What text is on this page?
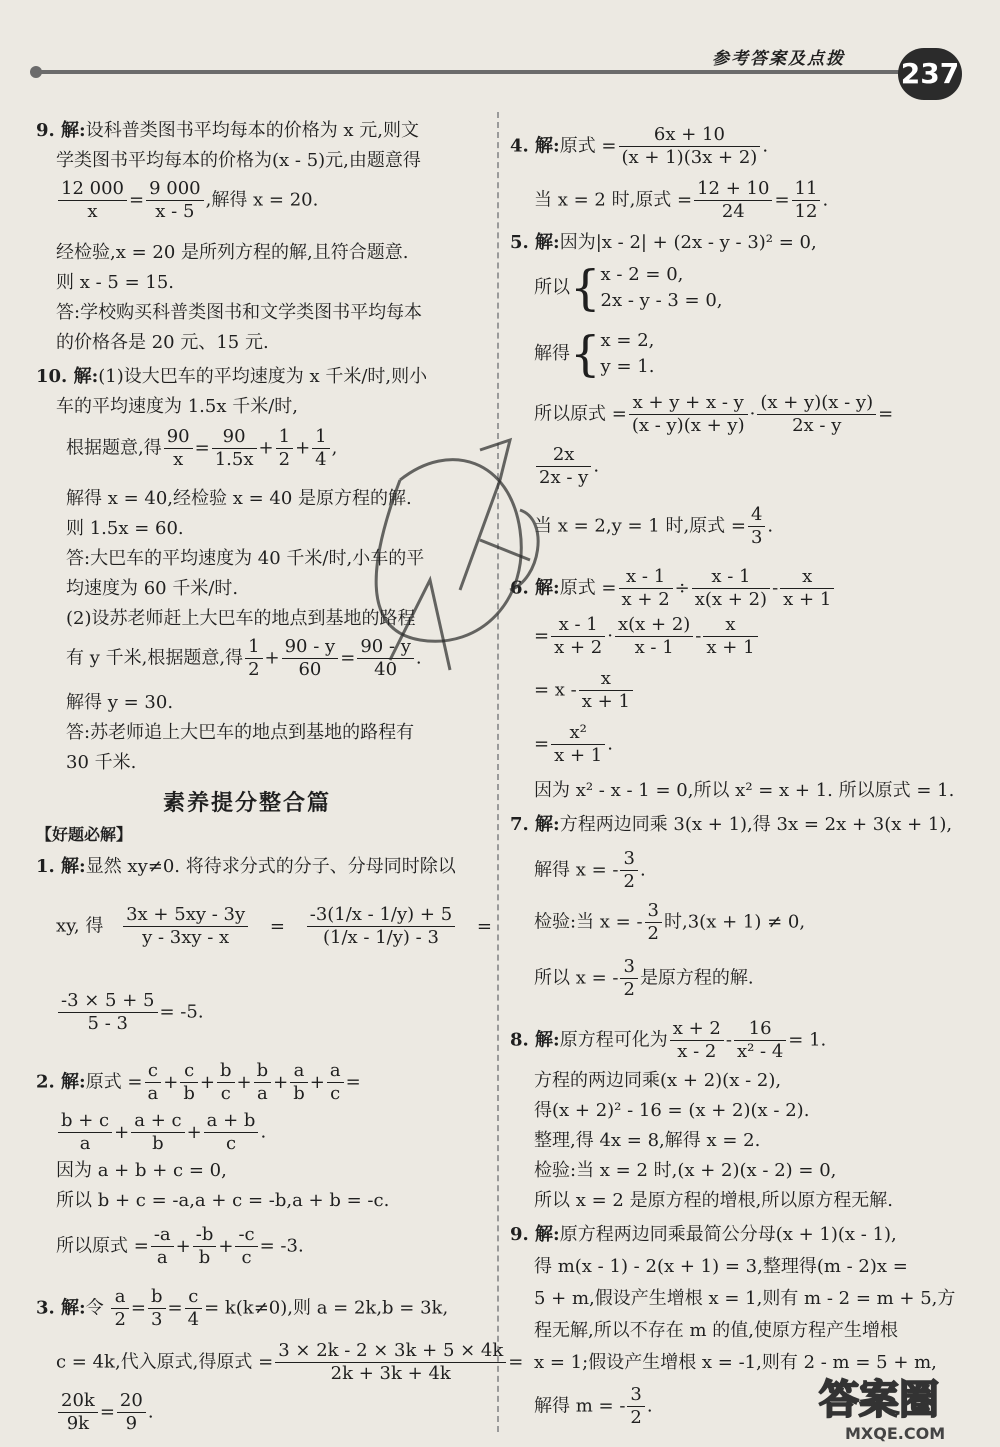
参考答案及点拨 237
9. 解:设科普类图书平均每本的价格为 x 元,则文
学类图书平均每本的价格为(x - 5)元,由题意得
$\frac{12 000}{x} = \frac{9 000}{x - 5}$ ,解得 x = 20.
经检验,x = 20 是所列方程的解,且符合题意.
则 x - 5 = 15.
答:学校购买科普类图书和文学类图书平均每本
的价格各是 20 元、15 元.
10. 解:(1)设大巴车的平均速度为 x 千米/时,则小
车的平均速度为 1.5x 千米/时,
根据题意,得 $\frac{90}{x} = \frac{90}{1.5x} + \frac{1}{2} + \frac{1}{4}$ ,
解得 x = 40,经检验 x = 40 是原方程的解.
则 1.5x = 60.
答:大巴车的平均速度为 40 千米/时,小车的平
均速度为 60 千米/时.
(2)设苏老师赶上大巴车的地点到基地的路程
有 y 千米,根据题意,得 $\frac{1}{2} + \frac{90 - y}{60} = \frac{90 - y}{40}$ .
解得 y = 30.
答:苏老师追上大巴车的地点到基地的路程有
30 千米.
素养提分整合篇
【好题必解】
1. 解:显然 xy≠0. 将待求分式的分子、分母同时除以
xy, 得 $\frac{3x + 5xy - 3y}{y - 3xy - x} = \frac{-3(1/x - 1/y) + 5}{(1/x - 1/y) - 3}$ =
$\frac{-3 \times 5 + 5}{5 - 3} = -5$.
2. 解:原式 = $\frac{c}{a} + \frac{c}{b} + \frac{b}{c} + \frac{b}{a} + \frac{a}{b} + \frac{a}{c}$ =
$\frac{b + c}{a} + \frac{a + c}{b} + \frac{a + b}{c}$ .
因为 a + b + c = 0,
所以 b + c = -a,a + c = -b,a + b = -c.
所以原式 = $\frac{-a}{a} + \frac{-b}{b} + \frac{-c}{c} = -3$.
3. 解:令 $\frac{a}{2} = \frac{b}{3} = \frac{c}{4} = k(k\ne 0)$,则 a = 2k,b = 3k,
c = 4k,代入原式,得原式 = $\frac{3 \times 2k - 2 \times 3k + 5 \times 4k}{2k + 3k + 4k}$ =
$\frac{20k}{9k} = \frac{20}{9}$ .
4. 解:原式 = $\frac{6x + 10}{(x + 1)(3x + 2)}$ .
当 x = 2 时,原式 = $\frac{12 + 10}{24} = \frac{11}{12}$ .
5. 解:因为|x - 2| + (2x - y - 3)² = 0,
所以{ x - 2 = 0,
2x - y - 3 = 0,
解得{ x = 2,
y = 1.
所以原式 = $\frac{x + y + x - y}{(x - y)(x + y)} \cdot \frac{(x + y)(x - y)}{2x - y}$ =
$\frac{2x}{2x - y}$ .
当 x = 2,y = 1 时,原式 = $\frac{4}{3}$ .
6. 解:原式 = $\frac{x - 1}{x + 2} \div \frac{x - 1}{x(x + 2)} - \frac{x}{x + 1}$
= $\frac{x - 1}{x + 2} \cdot \frac{x(x + 2)}{x - 1} - \frac{x}{x + 1}$
= x - $\frac{x}{x + 1}$
= $\frac{\text{x²}}{x + 1}$ .
因为 x² - x - 1 = 0,所以 x² = x + 1. 所以原式 = 1.
7. 解:方程两边同乘 3(x + 1),得 3x = 2x + 3(x + 1),
解得 x = - $\frac{3}{2}$ .
检验:当 x = - $\frac{3}{2}$ 时,3(x + 1) ≠ 0,
所以 x = - $\frac{3}{2}$ 是原方程的解.
8. 解:原方程可化为 $\frac{x + 2}{x - 2} - \frac{16}{\text{x² - 4}} = 1$.
方程的两边同乘(x + 2)(x - 2),
得(x + 2)² - 16 = (x + 2)(x - 2).
整理,得 4x = 8,解得 x = 2.
检验:当 x = 2 时,(x + 2)(x - 2) = 0,
所以 x = 2 是原方程的增根,所以原方程无解.
9. 解:原方程两边同乘最简公分母(x + 1)(x - 1),
得 m(x - 1) - 2(x + 1) = 3,整理得(m - 2)x =
5 + m,假设产生增根 x = 1,则有 m - 2 = m + 5,方
程无解,所以不存在 m 的值,使原方程产生增根
x = 1;假设产生增根 x = -1,则有 2 - m = 5 + m,
解得 m = - $\frac{3}{2}$ .	答案圈
MXQE.COM
